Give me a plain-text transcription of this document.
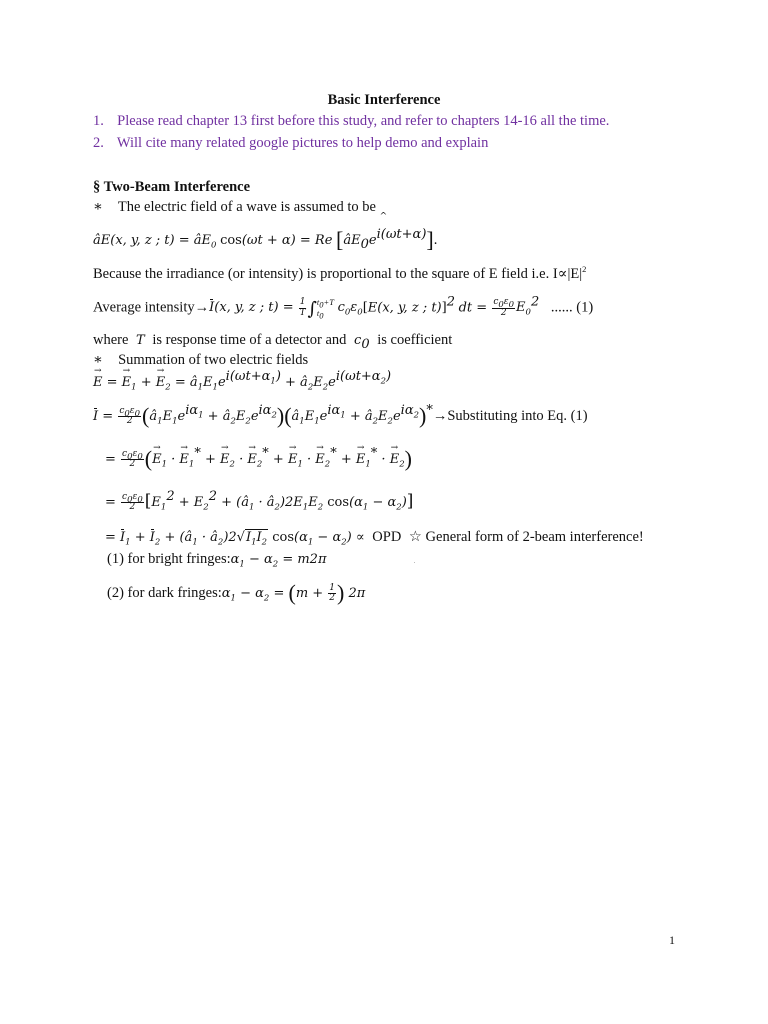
Basic Interference
1. Please read chapter 13 first before this study, and refer to chapters 14-16 all the time.
2. Will cite many related google pictures to help demo and explain
§ Two-Beam Interference
∗ The electric field of a wave is assumed to be
âE(x, y, z ; $t) = âE_0$ cos(ωt + α) = Re [$âE_0e$
$^{\^{} i(\omega t+\alpha)}$].
Because the irradiance (or intensity) is proportional to the square of E field i.e. $I\propto|E|^2$
Average intensity→I(x, y, z ; $t) = \frac{1}{T}$ ∫ $t_0+T$
$t_0$
$c_0\varepsilon_0[E(x$, y, z ; t)]$^2$ dt = $\frac{c_0\varepsilon_0}{2} E_0^2$ ...... (1)
where T is response time of a detector and $c_0$ is coefficient
∗ Summation of two electric fields
→ E = → $E_1$ + → $E_2$ = $â_1E_1e^{i(\omega t+\alpha_1)}$ + $â_2E_2e^{i(\omega t+\alpha_2)}$
$I = \frac{c_0\varepsilon_0}{2}$ ($â_1E_1e^{i\alpha_1}$ + $â_2E_2e^{i\alpha_2})(â_1E_1e^{i\alpha_1}$ + $â_2E_2e^{i\alpha_2})^*\to Substituting$ into Eq. (1)
= $\frac{c_0\varepsilon_0}{2}$ (→ $E_1$ · → $E_1^*$ + → $E_2$ · → $E_2^*$ + → $E_1$ · → $E_2^*$ + → $E_1^*$ · → $E_2$)
= $\frac{c_0\varepsilon_0}{2} [E_1^2 + E_2^2$ + ($â_1$ · $â_2)2E_1E_2$ $\cos(\alpha_1 - \alpha_2)$]
= $I_1 + I_2$ + ($â_1$ · $â_2)2√I_1I_2$ $\cos(\alpha_1 - \alpha_2)$ ∝ OPD ☆ General form of 2-beam interference!
(1) for bright $fringes:\alpha_1 - \alpha_2 = m2\pi$
(2) for dark $fringes:\alpha_1 - \alpha_2 = (m + \frac{1}{2}$ ) 2π
1
